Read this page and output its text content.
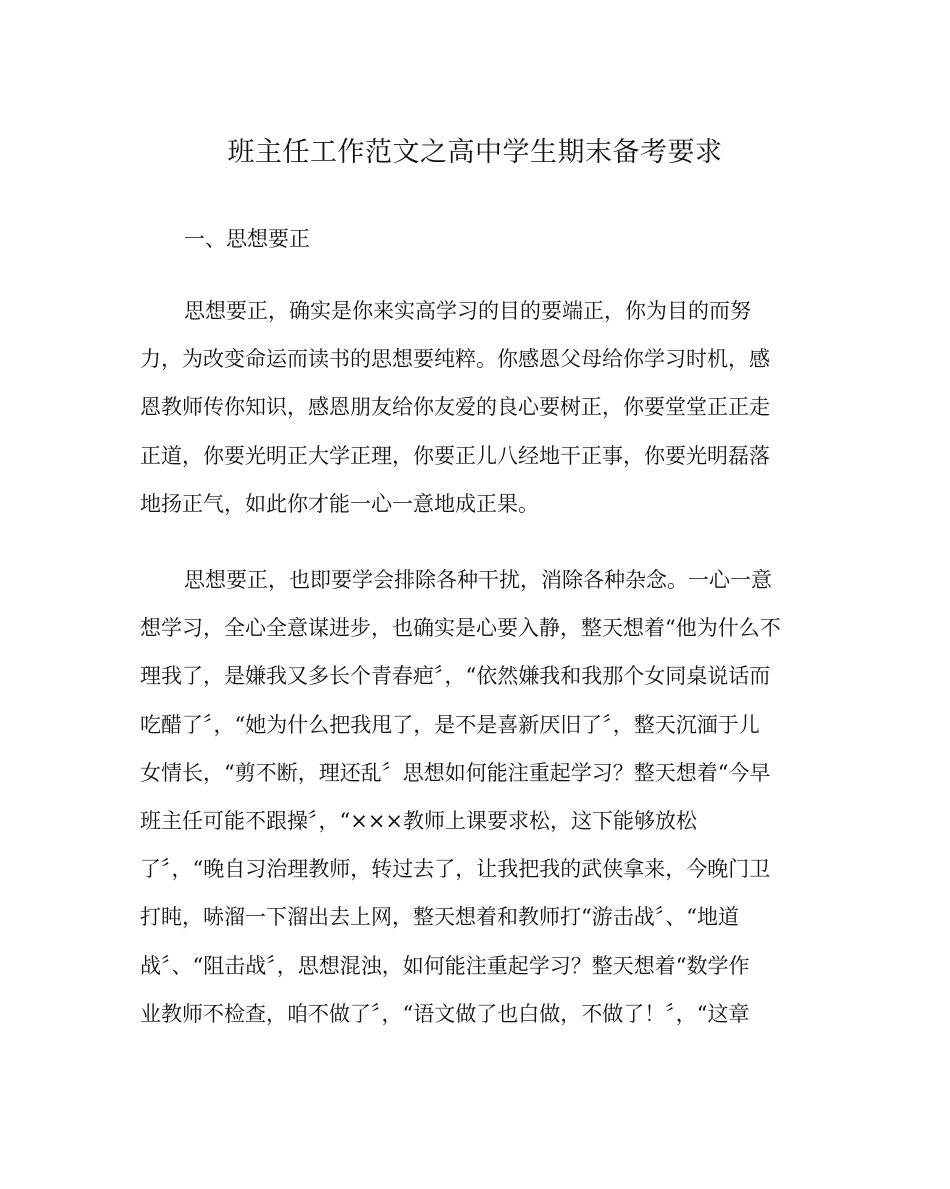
班主任工作范文之高中学生期末备考要求
一、思想要正
思想要正，确实是你来实高学习的目的要端正，你为目的而努
力，为改变命运而读书的思想要纯粹。你感恩父母给你学习时机，感
恩教师传你知识，感恩朋友给你友爱的良心要树正，你要堂堂正正走
正道，你要光明正大学正理，你要正儿八经地干正事，你要光明磊落
地扬正气，如此你才能一心一意地成正果。
思想要正，也即要学会排除各种干扰，消除各种杂念。一心一意
想学习，全心全意谋进步，也确实是心要入静，整天想着“他为什么不
理我了，是嫌我又多长个青春疤〞，“依然嫌我和我那个女同桌说话而
吃醋了〞，“她为什么把我甩了，是不是喜新厌旧了〞，整天沉湎于儿
女情长，“剪不断，理还乱〞思想如何能注重起学习？整天想着“今早
班主任可能不跟操〞，“×××教师上课要求松，这下能够放松
了〞，“晚自习治理教师，转过去了，让我把我的武侠拿来，今晚门卫
打盹，哧溜一下溜出去上网，整天想着和教师打“游击战〞、“地道
战〞、“阻击战〞，思想混浊，如何能注重起学习？整天想着“数学作
业教师不检查，咱不做了〞，“语文做了也白做，不做了！〞，“这章
